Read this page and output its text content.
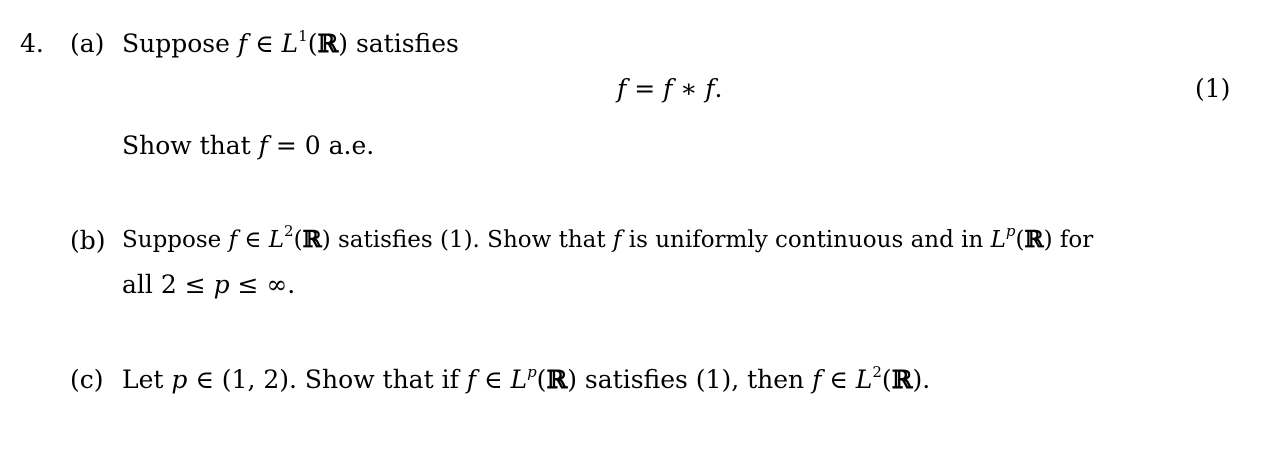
4. (a) Suppose f ∈ $L^1(ℝ)$ satisfies
f = f ∗ f.	(1)
Show that f = 0 a.e.
(b) Suppose f ∈ $L^2(ℝ)$ satisfies (1). Show that f is uniformly continuous and in $L^p(ℝ)$ for
all 2 ≤ p ≤ ∞.
(c) Let p ∈ (1, 2). Show that if f ∈ $L^p(ℝ)$ satisfies (1), then f ∈ $L^2(ℝ)$.
